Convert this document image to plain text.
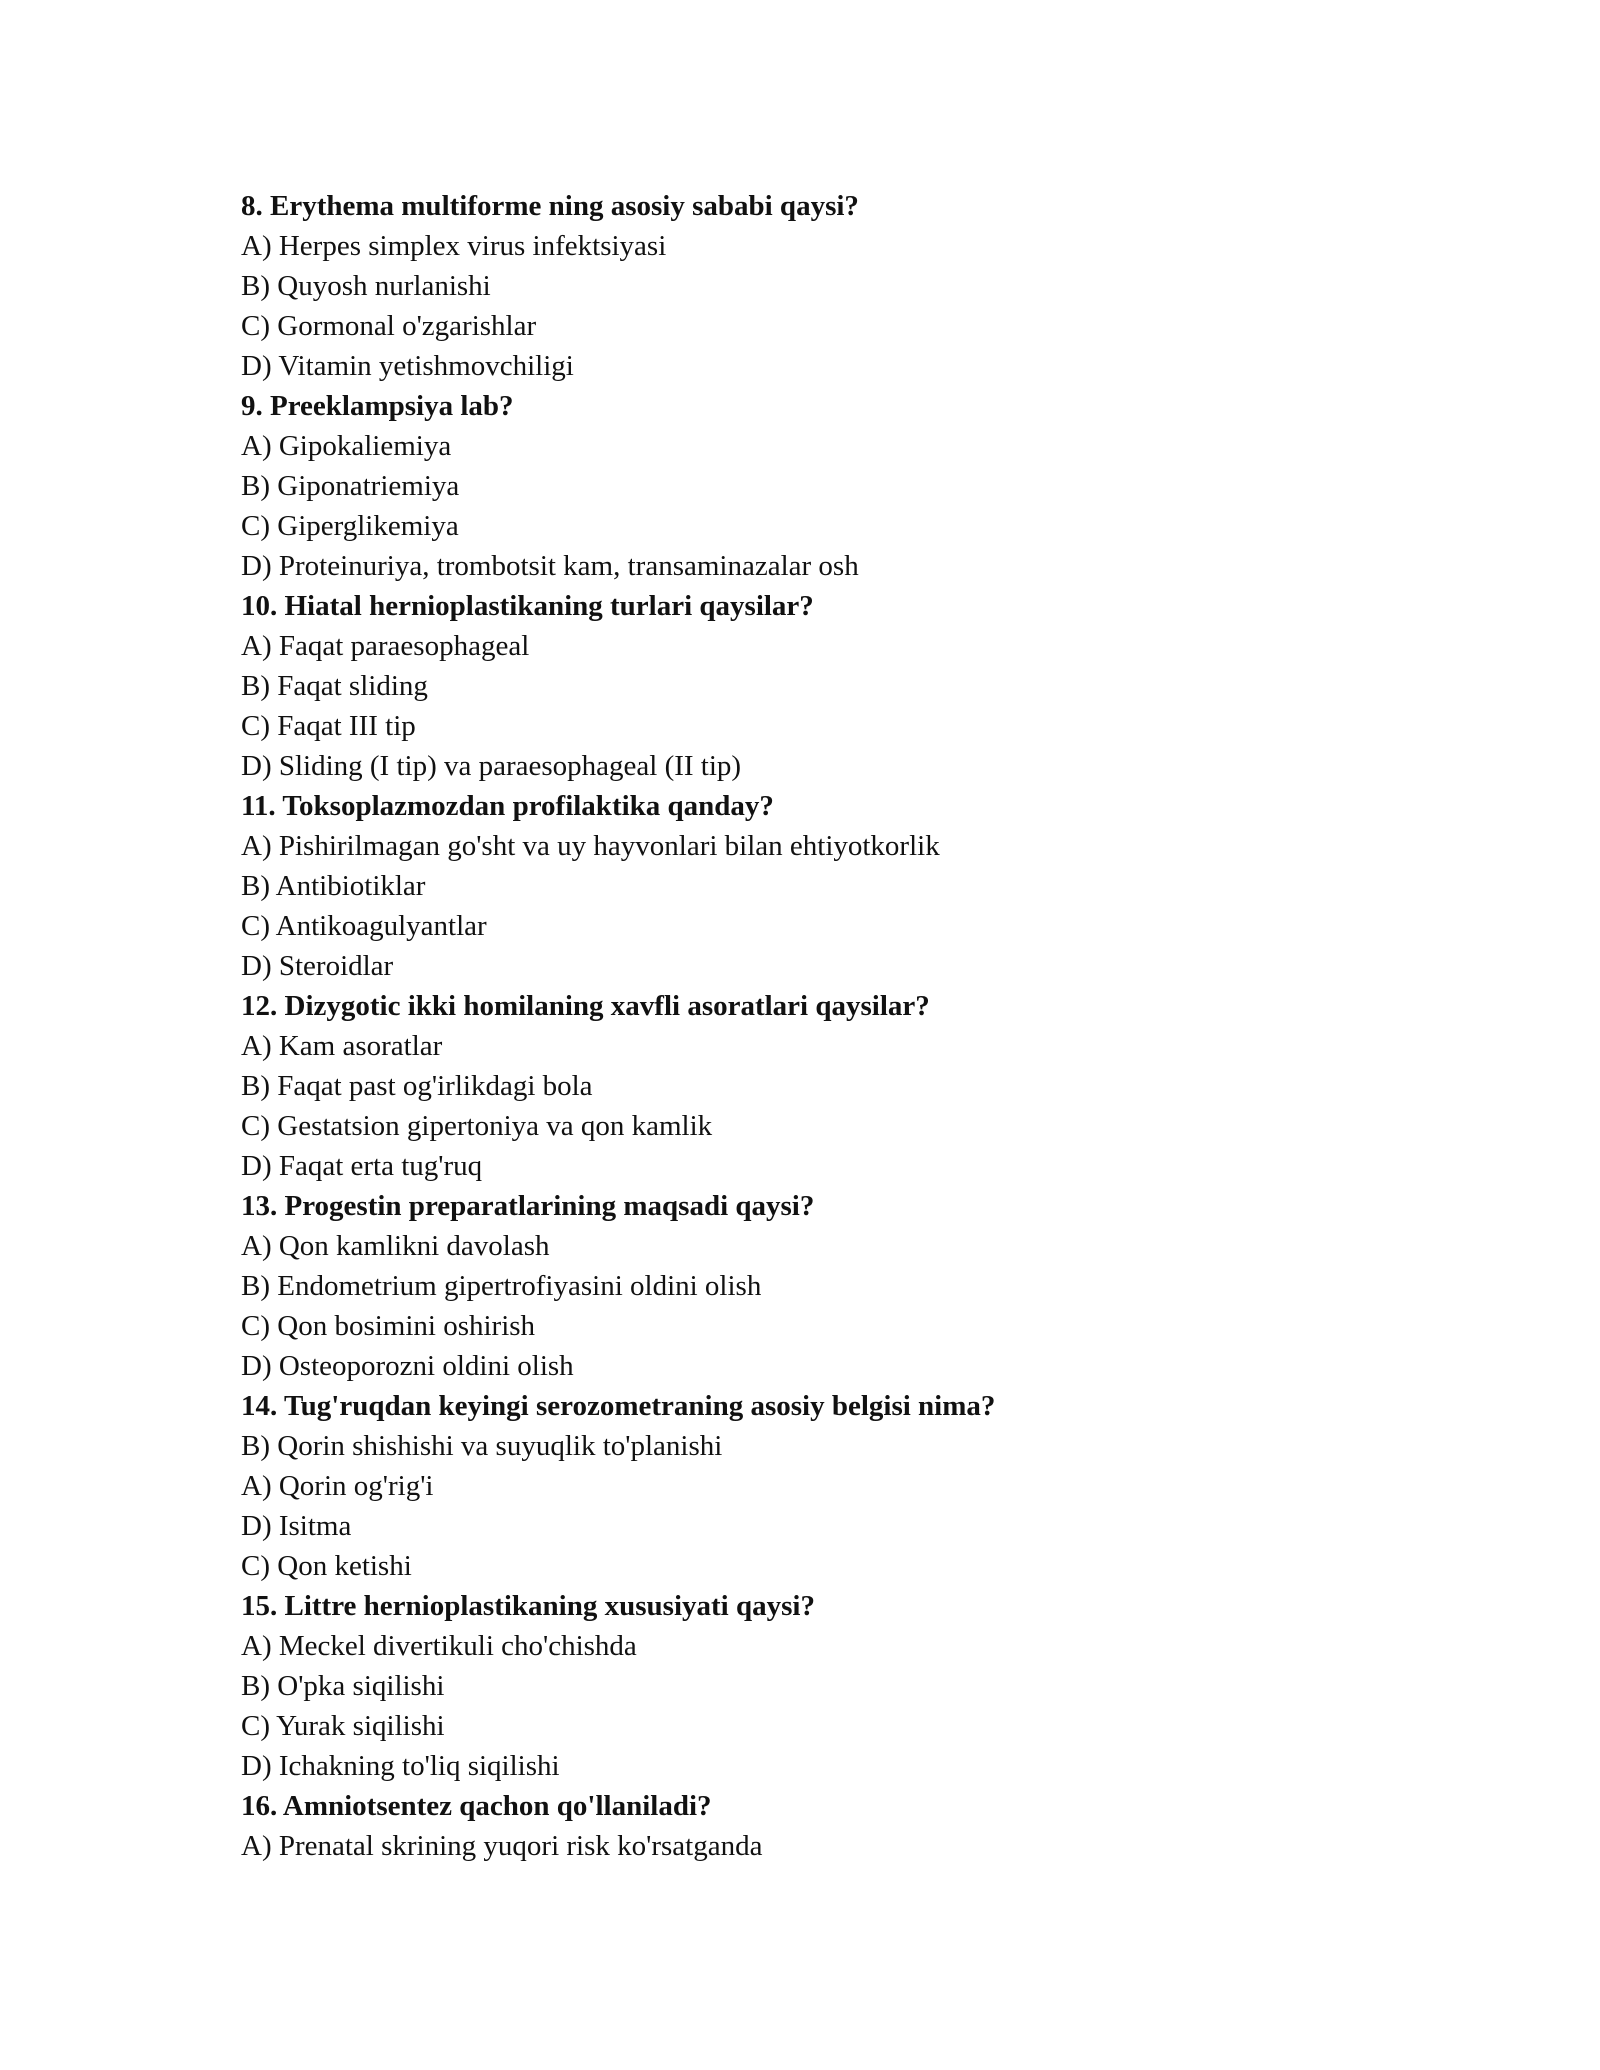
8. Erythema multiforme ning asosiy sababi qaysi?
A) Herpes simplex virus infektsiyasi
B) Quyosh nurlanishi
C) Gormonal o'zgarishlar
D) Vitamin yetishmovchiligi
9. Preeklampsiya lab?
A) Gipokaliemiya
B) Giponatriemiya
C) Giperglikemiya
D) Proteinuriya, trombotsit kam, transaminazalar osh
10. Hiatal hernioplastikaning turlari qaysilar?
A) Faqat paraesophageal
B) Faqat sliding
C) Faqat III tip
D) Sliding (I tip) va paraesophageal (II tip)
11. Toksoplazmozdan profilaktika qanday?
A) Pishirilmagan go'sht va uy hayvonlari bilan ehtiyotkorlik
B) Antibiotiklar
C) Antikoagulyantlar
D) Steroidlar
12. Dizygotic ikki homilaning xavfli asoratlari qaysilar?
A) Kam asoratlar
B) Faqat past og'irlikdagi bola
C) Gestatsion gipertoniya va qon kamlik
D) Faqat erta tug'ruq
13. Progestin preparatlarining maqsadi qaysi?
A) Qon kamlikni davolash
B) Endometrium gipertrofiyasini oldini olish
C) Qon bosimini oshirish
D) Osteoporozni oldini olish
14. Tug'ruqdan keyingi serozometraning asosiy belgisi nima?
B) Qorin shishishi va suyuqlik to'planishi
A) Qorin og'rig'i
D) Isitma
C) Qon ketishi
15. Littre hernioplastikaning xususiyati qaysi?
A) Meckel divertikuli cho'chishda
B) O'pka siqilishi
C) Yurak siqilishi
D) Ichakning to'liq siqilishi
16. Amniotsentez qachon qo'llaniladi?
A) Prenatal skrining yuqori risk ko'rsatganda
